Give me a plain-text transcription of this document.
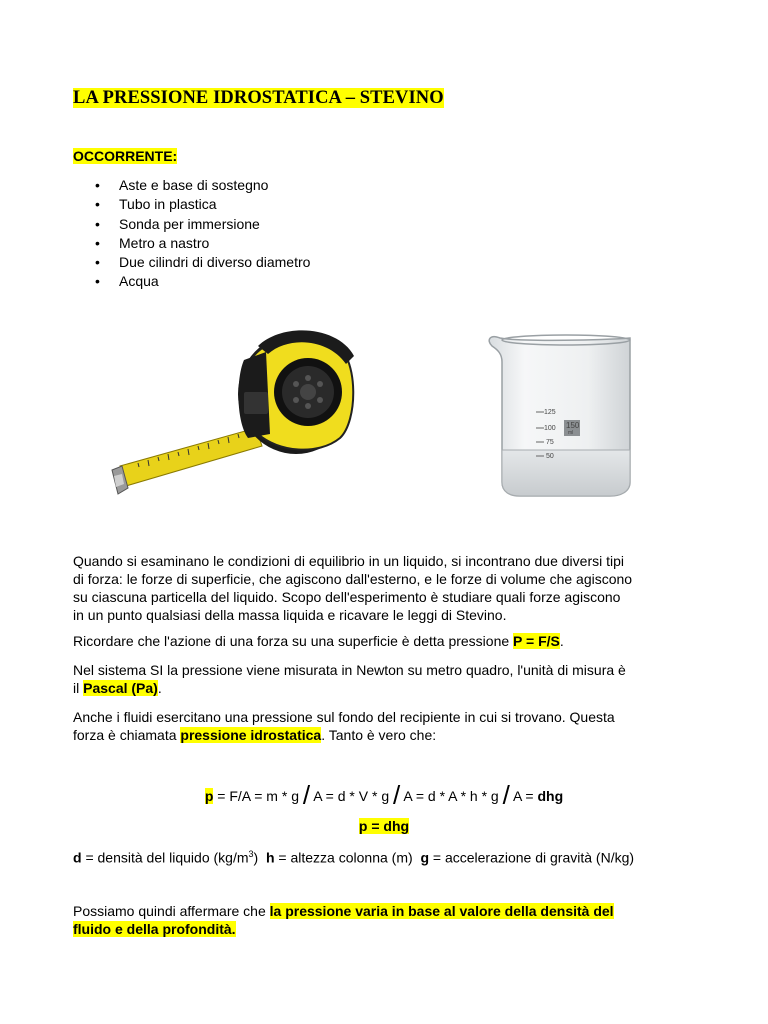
LA PRESSIONE IDROSTATICA – STEVINO
OCCORRENTE:
• Aste e base di sostegno
• Tubo in plastica
• Sonda per immersione
• Metro a nastro
• Due cilindri di diverso diametro
• Acqua
125
100
75
50
150
ml
Quando si esaminano le condizioni di equilibrio in un liquido, si incontrano due diversi tipi
di forza: le forze di superficie, che agiscono dall'esterno, e le forze di volume che agiscono
su ciascuna particella del liquido. Scopo dell'esperimento è studiare quali forze agiscono
in un punto qualsiasi della massa liquida e ricavare le leggi di Stevino.
Ricordare che l'azione di una forza su una superficie è detta pressione P = F/S.
Nel sistema SI la pressione viene misurata in Newton su metro quadro, l'unità di misura è
il Pascal (Pa).
Anche i fluidi esercitano una pressione sul fondo del recipiente in cui si trovano. Questa
forza è chiamata pressione idrostatica. Tanto è vero che:
p = F/A = m * g / A = d * V * g / A = d * A * h * g / A = dhg
p = dhg
d = densità del liquido $(kg/m^3) h$ = altezza colonna (m) g = accelerazione di gravità (N/kg)
Possiamo quindi affermare che la pressione varia in base al valore della densità del
fluido e della profondità.
